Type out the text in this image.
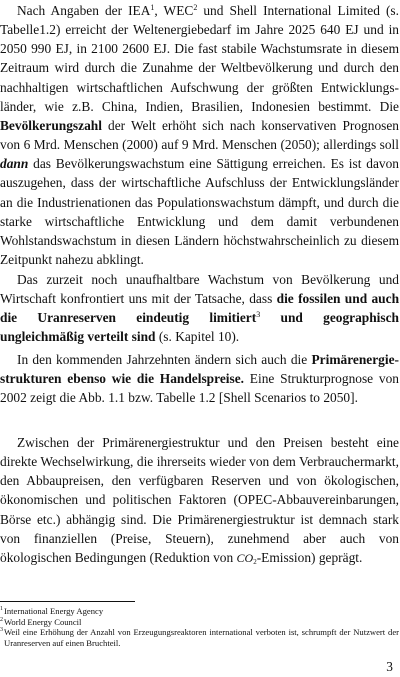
Nach Angaben der IEA$^1$, WEC$^2$ und Shell International Limited (s. Tabelle1.2) erreicht der Weltenergiebedarf im Jahre 2025 640 EJ und in 2050 990 EJ, in 2100 2600 EJ. Die fast stabile Wachstumsrate in diesem Zeitraum wird durch die Zunahme der Weltbevölkerung und durch den nachhaltigen wirtschaftlichen Aufschwung der größten Entwicklungsländer, wie z.B. China, Indien, Brasilien, Indonesien bestimmt. Die Bevölkerungszahl der Welt erhöht sich nach konservativen Prognosen von 6 Mrd. Menschen (2000) auf 9 Mrd. Menschen (2050); allerdings soll dann das Bevölkerungswachstum eine Sättigung erreichen. Es ist davon auszugehen, dass der wirtschaftliche Aufschluss der Entwicklungsländer an die Industrienationen das Populationswachstum dämpft, und durch die starke wirtschaftliche Entwicklung und dem damit verbundenen Wohlstandswachstum in diesen Ländern höchstwahrscheinlich zu diesem Zeitpunkt nahezu abklingt.

Das zurzeit noch unaufhaltbare Wachstum von Bevölkerung und Wirtschaft konfrontiert uns mit der Tatsache, dass die fossilen und auch die Uranreserven eindeutig limitiert$^3$ und geographisch ungleichmäßig verteilt sind (s. Kapitel 10).

In den kommenden Jahrzehnten ändern sich auch die Primärenergiestrukturen ebenso wie die Handelspreise. Eine Strukturprognose von 2002 zeigt die Abb. 1.1 bzw. Tabelle 1.2 [Shell Scenarios to 2050].

Zwischen der Primärenergiestruktur und den Preisen besteht eine direkte Wechselwirkung, die ihrerseits wieder von dem Verbrauchermarkt, den Abbaupreisen, den verfügbaren Reserven und von ökologischen, ökonomischen und politischen Faktoren (OPEC-Abbauvereinbarungen, Börse etc.) abhängig sind. Die Primärenergiestruktur ist demnach stark von finanziellen (Preise, Steuern), zunehmend aber auch von ökologischen Bedingungen (Reduktion von $CO_2-Emission$) geprägt.

1 International Energy Agency

2 World Energy Council

3 Weil eine Erhöhung der Anzahl von Erzeugungsreaktoren international verboten ist, schrumpft der Nutzwert der Uranreserven auf einen Bruchteil.

3
